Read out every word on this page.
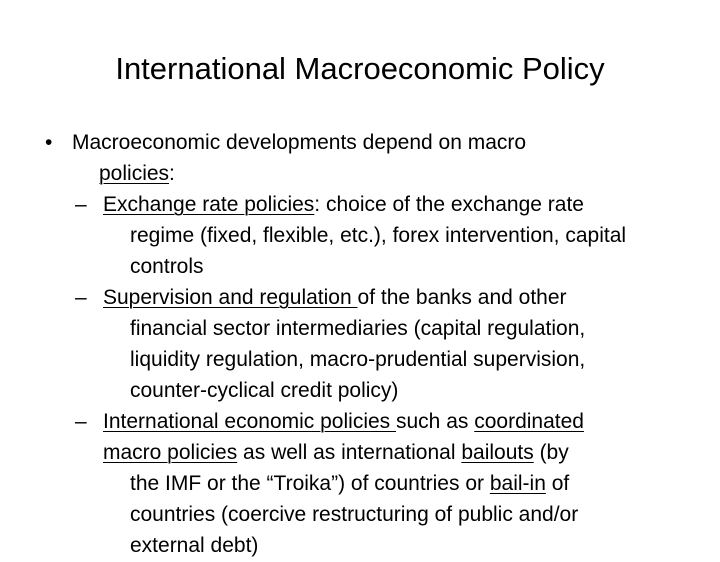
International Macroeconomic Policy
• Macroeconomic developments depend on macro
policies:
– Exchange rate policies: choice of the exchange rate
regime (fixed, flexible, etc.), forex intervention, capital
controls
– Supervision and regulation of the banks and other
financial sector intermediaries (capital regulation,
liquidity regulation, macro-prudential supervision,
counter-cyclical credit policy)
– International economic policies such as coordinated
macro policies as well as international bailouts (by
the IMF or the “Troika”) of countries or bail-in of
countries (coercive restructuring of public and/or
external debt)
